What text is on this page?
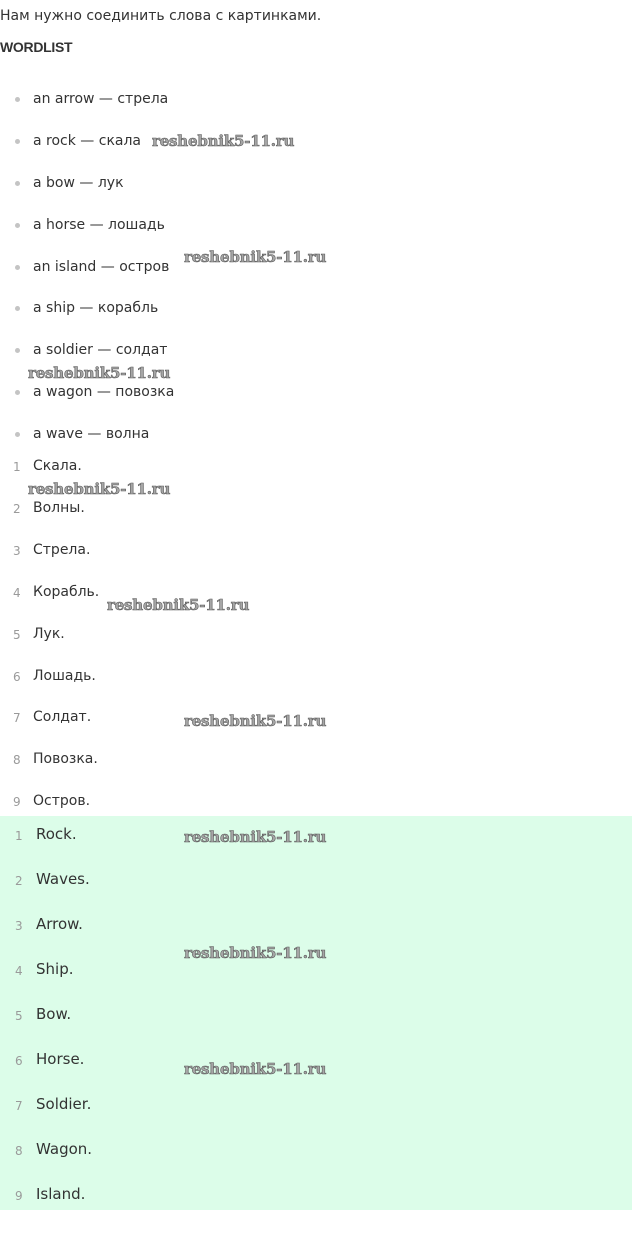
Нам нужно соединить слова с картинками.
WORDLIST
an arrow — стрела
a rock — скала
a bow — лук
a horse — лошадь
an island — остров
a ship — корабль
a soldier — солдат
a wagon — повозка
a wave — волна
1 Скала.
2 Волны.
3 Стрела.
4 Корабль.
5 Лук.
6 Лошадь.
7 Солдат.
8 Повозка.
9 Остров.
1 Rock.
2 Waves.
3 Arrow.
4 Ship.
5 Bow.
6 Horse.
7 Soldier.
8 Wagon.
9 Island.
reshebnik5-11.ru
reshebnik5-11.ru
reshebnik5-11.ru
reshebnik5-11.ru
reshebnik5-11.ru
reshebnik5-11.ru
reshebnik5-11.ru
reshebnik5-11.ru
reshebnik5-11.ru
